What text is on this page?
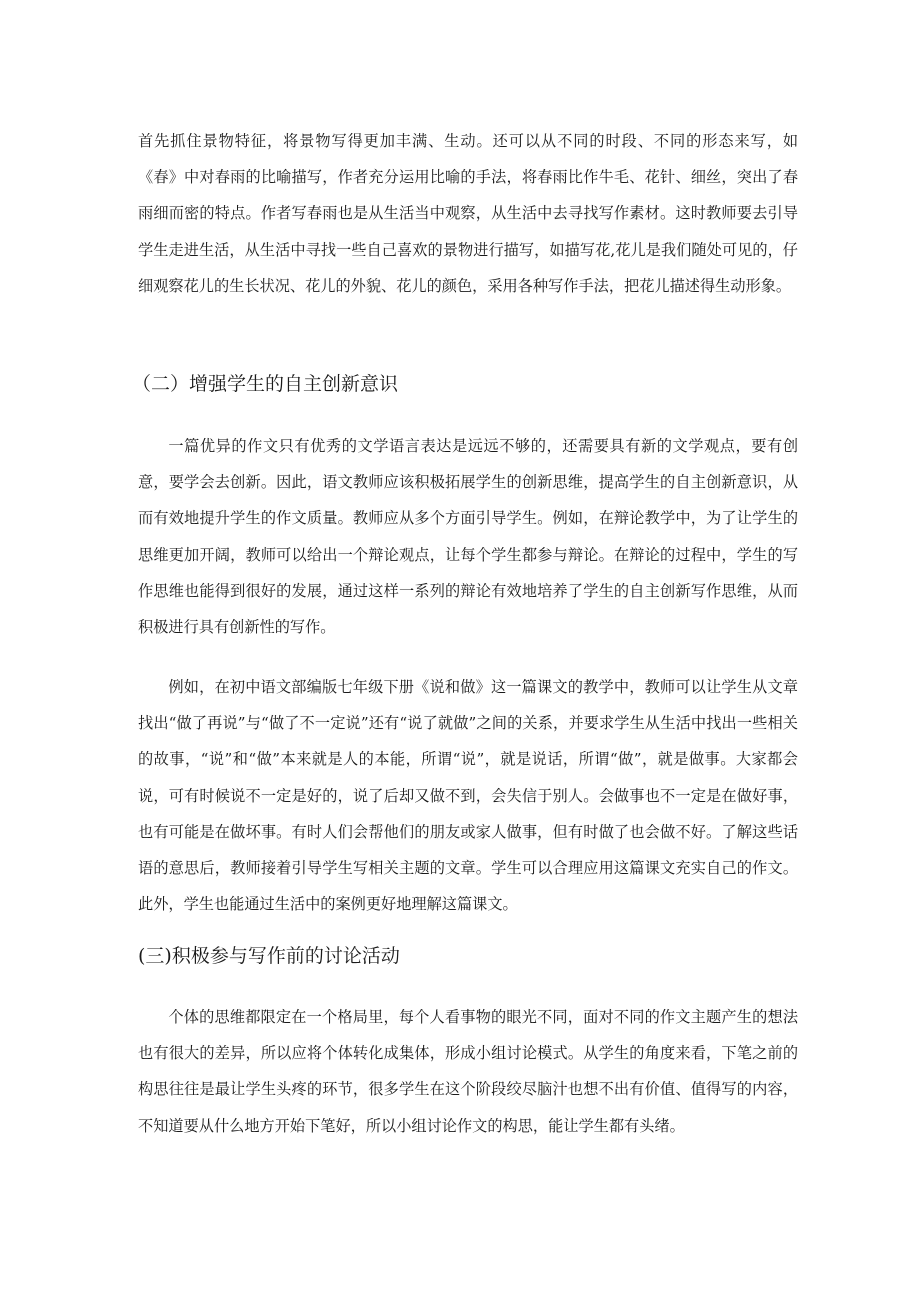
首先抓住景物特征，将景物写得更加丰满、生动。还可以从不同的时段、不同的形态来写，如《春》中对春雨的比喻描写，作者充分运用比喻的手法，将春雨比作牛毛、花针、细丝，突出了春雨细而密的特点。作者写春雨也是从生活当中观察，从生活中去寻找写作素材。这时教师要去引导学生走进生活，从生活中寻找一些自己喜欢的景物进行描写，如描写花,花儿是我们随处可见的，仔细观察花儿的生长状况、花儿的外貌、花儿的颜色，采用各种写作手法，把花儿描述得生动形象。

（二）增强学生的自主创新意识

一篇优异的作文只有优秀的文学语言表达是远远不够的，还需要具有新的文学观点，要有创意，要学会去创新。因此，语文教师应该积极拓展学生的创新思维，提高学生的自主创新意识，从而有效地提升学生的作文质量。教师应从多个方面引导学生。例如，在辩论教学中，为了让学生的思维更加开阔，教师可以给出一个辩论观点，让每个学生都参与辩论。在辩论的过程中，学生的写作思维也能得到很好的发展，通过这样一系列的辩论有效地培养了学生的自主创新写作思维，从而积极进行具有创新性的写作。

例如，在初中语文部编版七年级下册《说和做》这一篇课文的教学中，教师可以让学生从文章找出“做了再说”与“做了不一定说”还有“说了就做”之间的关系，并要求学生从生活中找出一些相关的故事，“说”和“做”本来就是人的本能，所谓“说”，就是说话，所谓“做”，就是做事。大家都会说，可有时候说不一定是好的，说了后却又做不到，会失信于别人。会做事也不一定是在做好事，也有可能是在做坏事。有时人们会帮他们的朋友或家人做事，但有时做了也会做不好。了解这些话语的意思后，教师接着引导学生写相关主题的文章。学生可以合理应用这篇课文充实自己的作文。此外，学生也能通过生活中的案例更好地理解这篇课文。

(三)积极参与写作前的讨论活动

个体的思维都限定在一个格局里，每个人看事物的眼光不同，面对不同的作文主题产生的想法也有很大的差异，所以应将个体转化成集体，形成小组讨论模式。从学生的角度来看，下笔之前的构思往往是最让学生头疼的环节，很多学生在这个阶段绞尽脑汁也想不出有价值、值得写的内容，不知道要从什么地方开始下笔好，所以小组讨论作文的构思，能让学生都有头绪。
